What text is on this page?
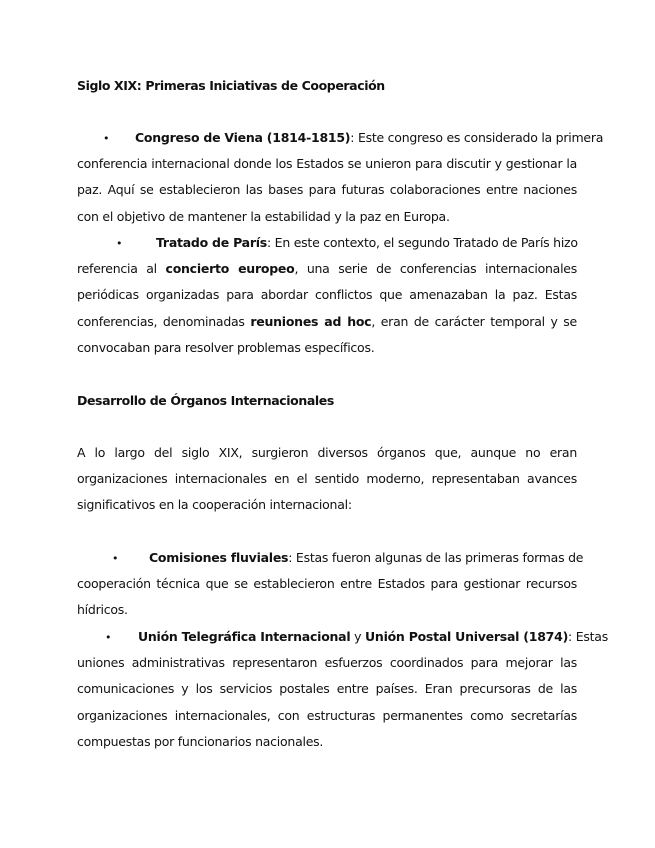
Siglo XIX: Primeras Iniciativas de Cooperación
•	Congreso de Viena (1814-1815): Este congreso es considerado la primera
conferencia internacional donde los Estados se unieron para discutir y gestionar la
paz. Aquí se establecieron las bases para futuras colaboraciones entre naciones
con el objetivo de mantener la estabilidad y la paz en Europa.
•	Tratado de París: En este contexto, el segundo Tratado de París hizo
referencia al concierto europeo, una serie de conferencias internacionales
periódicas organizadas para abordar conflictos que amenazaban la paz. Estas
conferencias, denominadas reuniones ad hoc, eran de carácter temporal y se
convocaban para resolver problemas específicos.
Desarrollo de Órganos Internacionales
A lo largo del siglo XIX, surgieron diversos órganos que, aunque no eran
organizaciones internacionales en el sentido moderno, representaban avances
significativos en la cooperación internacional:
•	Comisiones fluviales: Estas fueron algunas de las primeras formas de
cooperación técnica que se establecieron entre Estados para gestionar recursos
hídricos.
•	Unión Telegráfica Internacional y Unión Postal Universal (1874): Estas
uniones administrativas representaron esfuerzos coordinados para mejorar las
comunicaciones y los servicios postales entre países. Eran precursoras de las
organizaciones internacionales, con estructuras permanentes como secretarías
compuestas por funcionarios nacionales.
